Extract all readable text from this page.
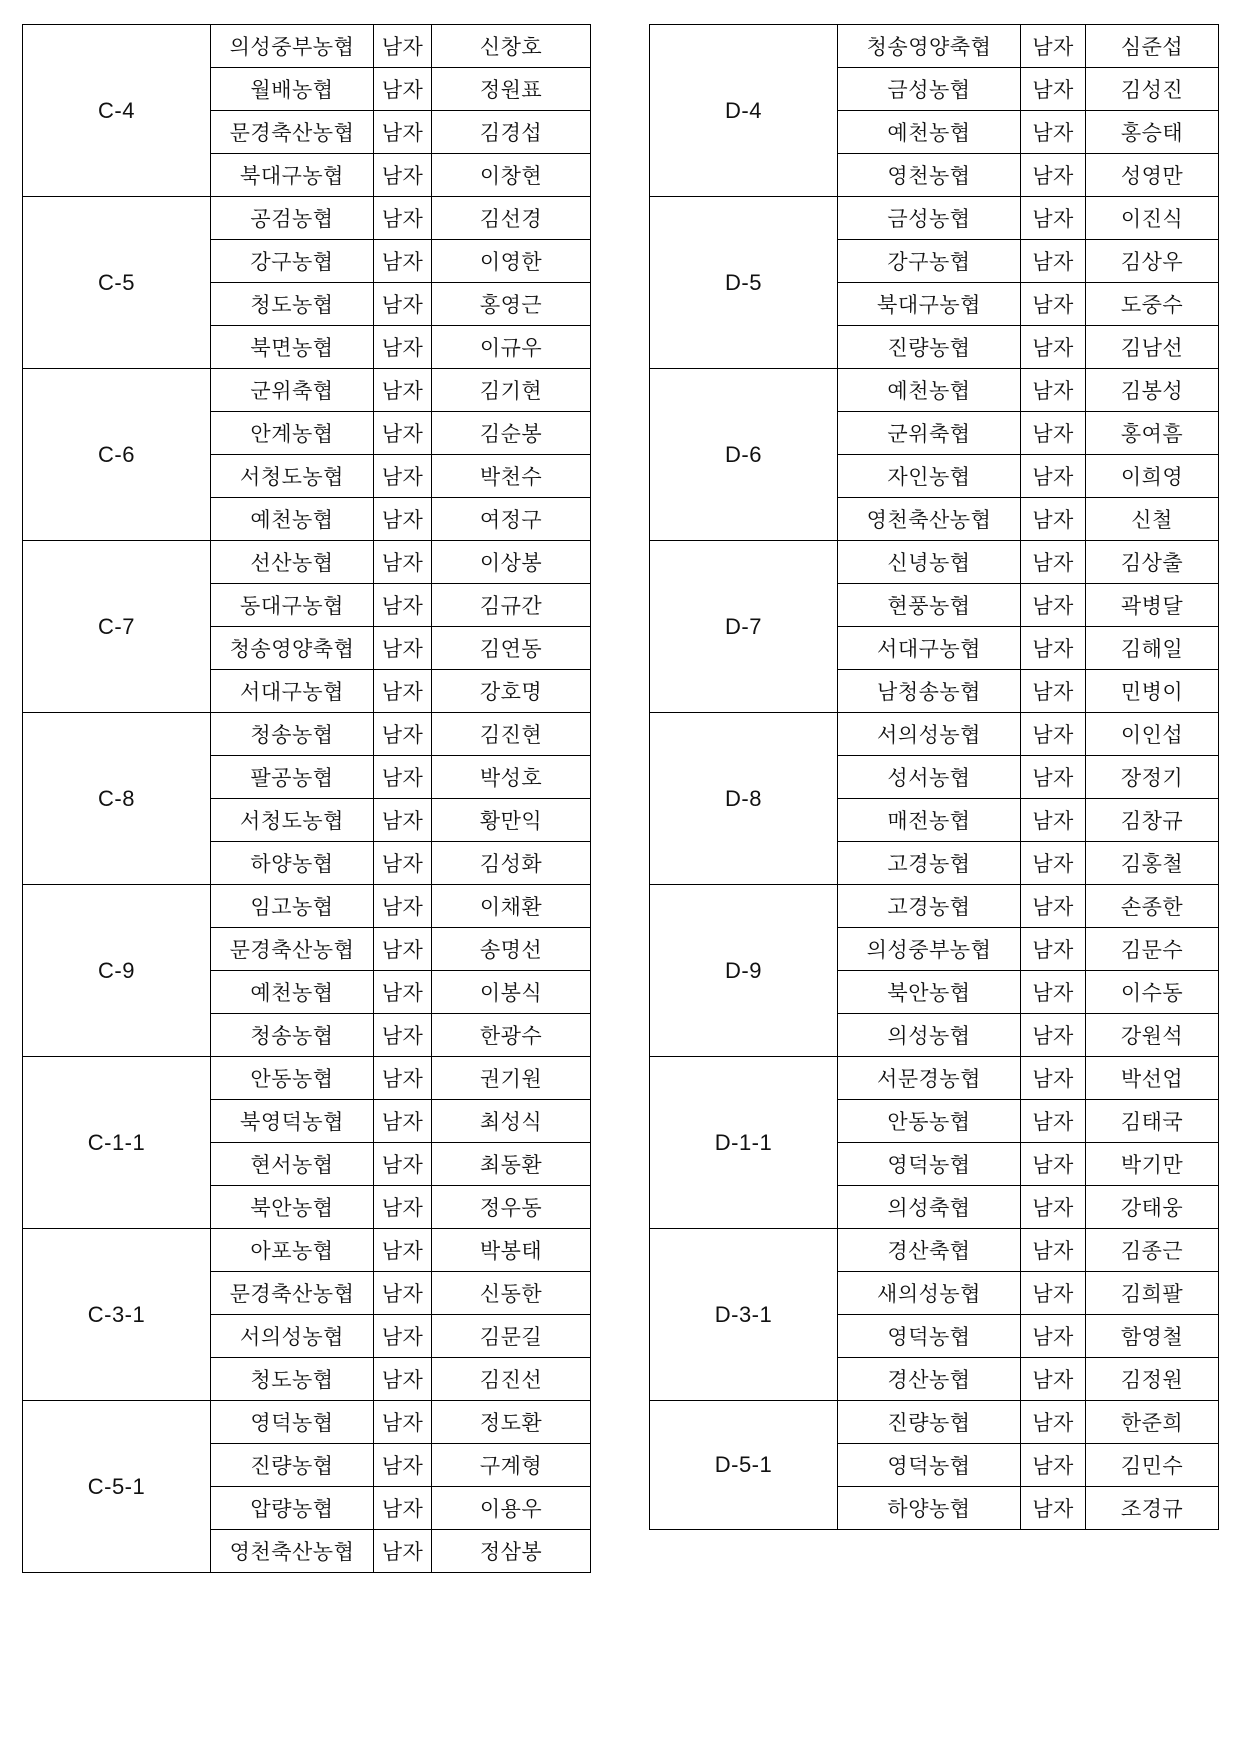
C-4	의성중부농협	남자	신창호
	월배농협	남자	정원표
	문경축산농협	남자	김경섭
	북대구농협	남자	이창현
C-5	공검농협	남자	김선경
	강구농협	남자	이영한
	청도농협	남자	홍영근
	북면농협	남자	이규우
C-6	군위축협	남자	김기현
	안계농협	남자	김순봉
	서청도농협	남자	박천수
	예천농협	남자	여정구
C-7	선산농협	남자	이상봉
	동대구농협	남자	김규간
	청송영양축협	남자	김연동
	서대구농협	남자	강호명
C-8	청송농협	남자	김진현
	팔공농협	남자	박성호
	서청도농협	남자	황만익
	하양농협	남자	김성화
C-9	임고농협	남자	이채환
	문경축산농협	남자	송명선
	예천농협	남자	이봉식
	청송농협	남자	한광수
C-1-1	안동농협	남자	권기원
	북영덕농협	남자	최성식
	현서농협	남자	최동환
	북안농협	남자	정우동
C-3-1	아포농협	남자	박봉태
	문경축산농협	남자	신동한
	서의성농협	남자	김문길
	청도농협	남자	김진선
C-5-1	영덕농협	남자	정도환
	진량농협	남자	구계형
	압량농협	남자	이용우
	영천축산농협	남자	정삼봉
D-4	청송영양축협	남자	심준섭
	금성농협	남자	김성진
	예천농협	남자	홍승태
	영천농협	남자	성영만
D-5	금성농협	남자	이진식
	강구농협	남자	김상우
	북대구농협	남자	도중수
	진량농협	남자	김남선
D-6	예천농협	남자	김봉성
	군위축협	남자	홍여흠
	자인농협	남자	이희영
	영천축산농협	남자	신철
D-7	신녕농협	남자	김상출
	현풍농협	남자	곽병달
	서대구농협	남자	김해일
	남청송농협	남자	민병이
D-8	서의성농협	남자	이인섭
	성서농협	남자	장정기
	매전농협	남자	김창규
	고경농협	남자	김홍철
D-9	고경농협	남자	손종한
	의성중부농협	남자	김문수
	북안농협	남자	이수동
	의성농협	남자	강원석
D-1-1	서문경농협	남자	박선업
	안동농협	남자	김태국
	영덕농협	남자	박기만
	의성축협	남자	강태웅
D-3-1	경산축협	남자	김종근
	새의성농협	남자	김희팔
	영덕농협	남자	함영철
	경산농협	남자	김정원
D-5-1	진량농협	남자	한준희
	영덕농협	남자	김민수
	하양농협	남자	조경규
